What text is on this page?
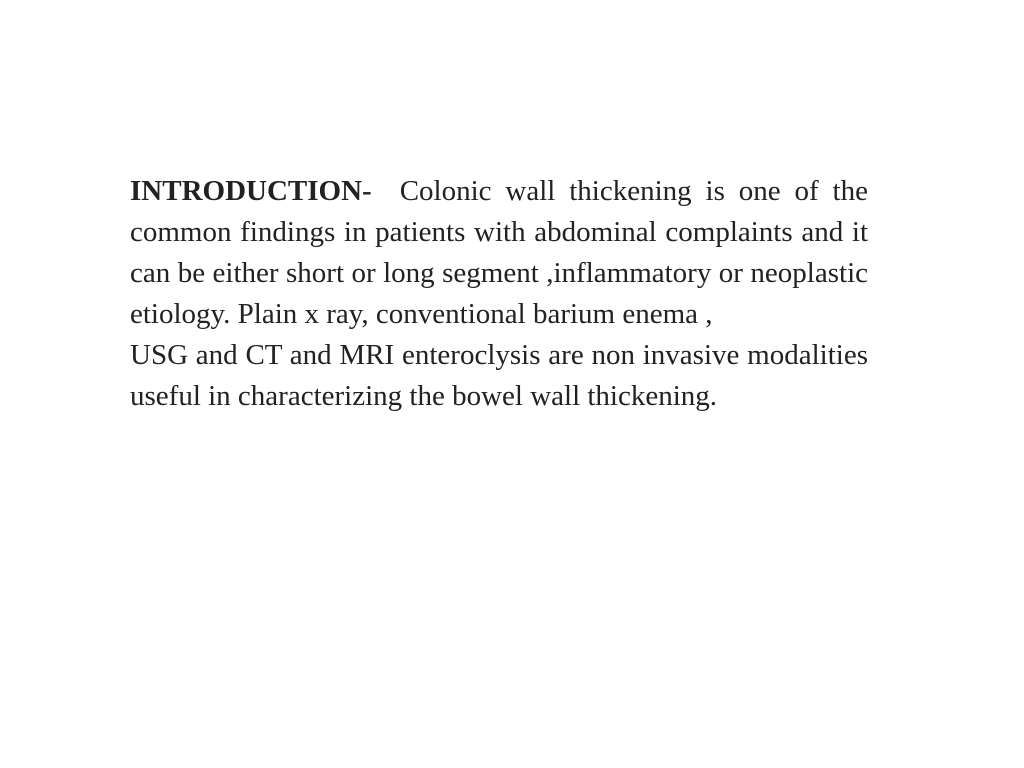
INTRODUCTION- Colonic wall thickening is one of the common findings in patients with abdominal complaints and it can be either short or long segment ,inflammatory or neoplastic etiology. Plain x ray, conventional barium enema ,

USG and CT and MRI enteroclysis are non invasive modalities useful in characterizing the bowel wall thickening.
